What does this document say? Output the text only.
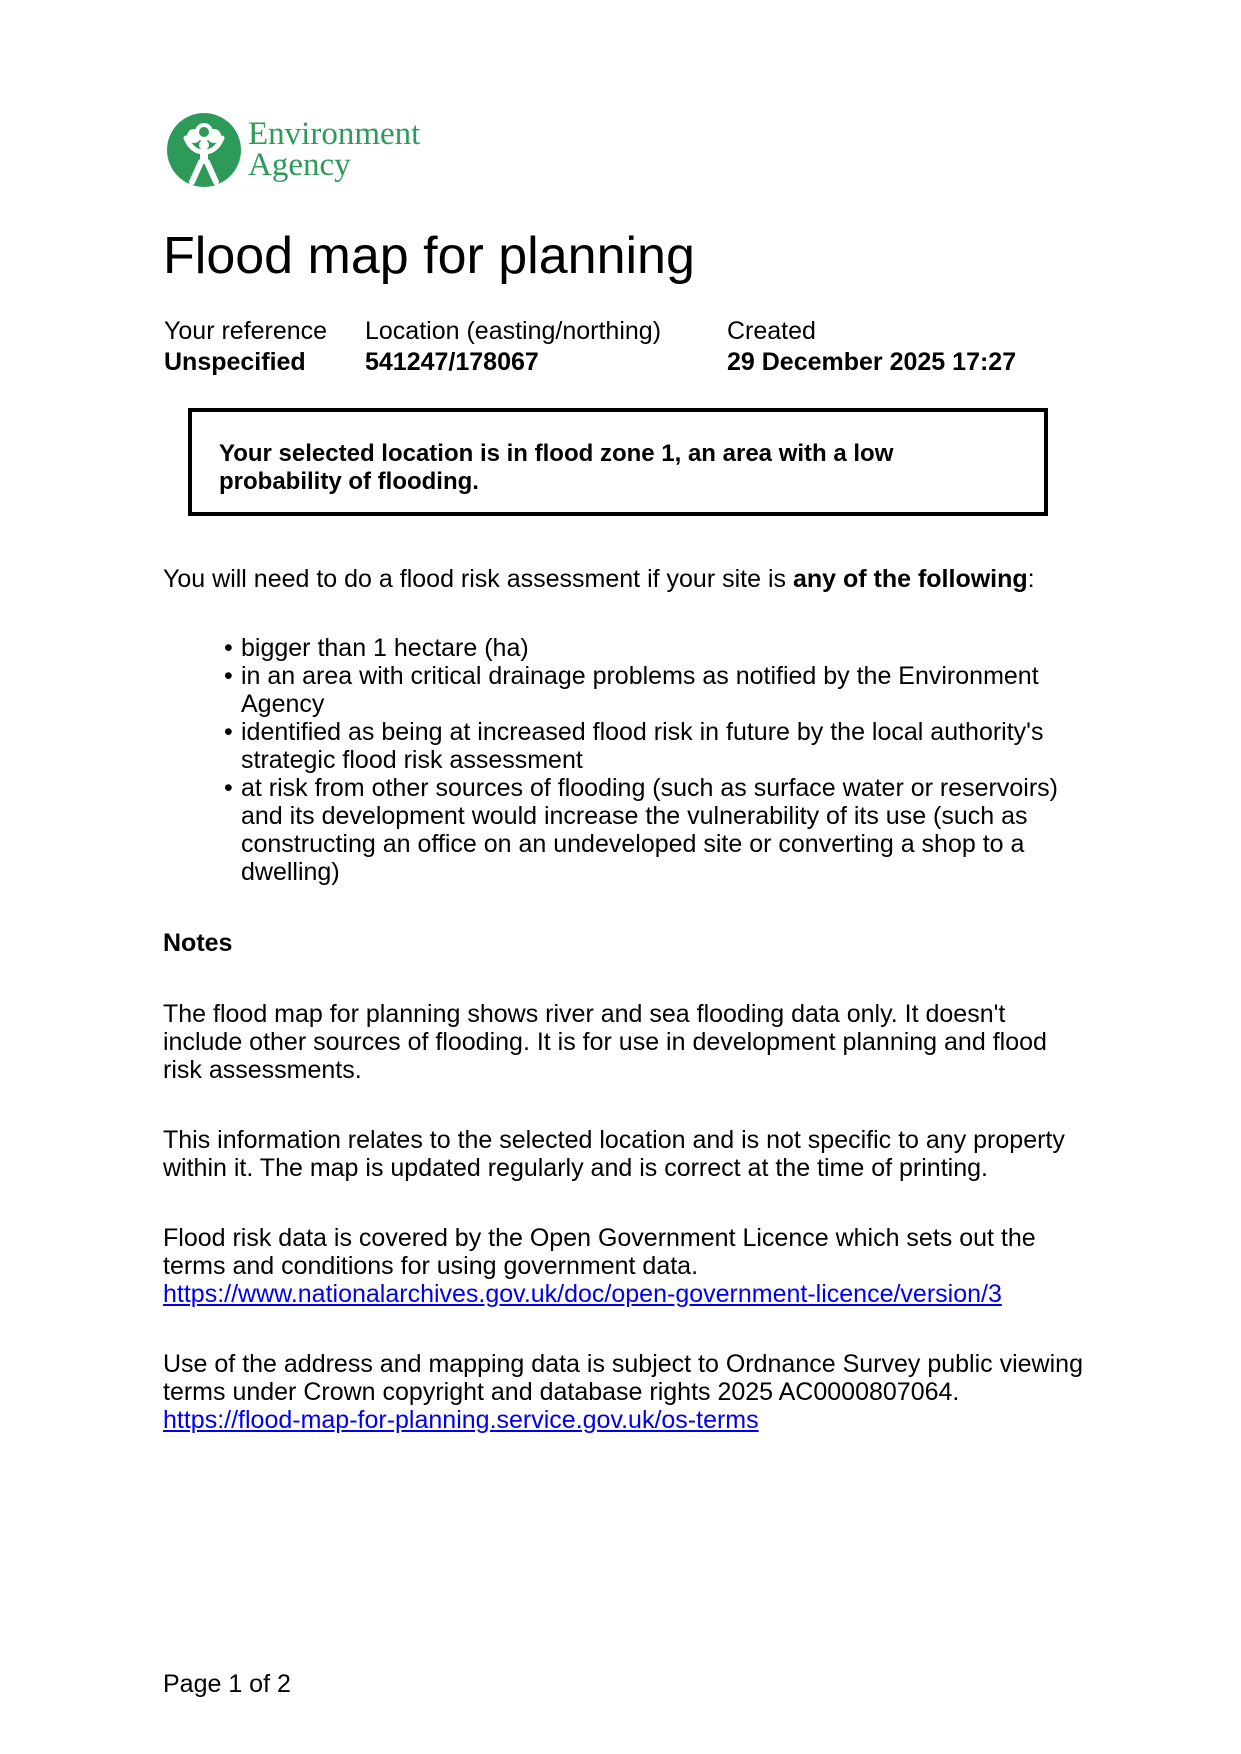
Environment
Agency
Flood map for planning
Your reference
Unspecified
Location (easting/northing)
541247/178067
Created
29 December 2025 17:27

Your selected location is in flood zone 1, an area with a low probability of flooding.

You will need to do a flood risk assessment if your site is any of the following:

• bigger than 1 hectare (ha)
• in an area with critical drainage problems as notified by the Environment Agency
• identified as being at increased flood risk in future by the local authority's strategic flood risk assessment
• at risk from other sources of flooding (such as surface water or reservoirs) and its development would increase the vulnerability of its use (such as constructing an office on an undeveloped site or converting a shop to a dwelling)
Notes

The flood map for planning shows river and sea flooding data only. It doesn't include other sources of flooding. It is for use in development planning and flood risk assessments.

This information relates to the selected location and is not specific to any property within it. The map is updated regularly and is correct at the time of printing.

Flood risk data is covered by the Open Government Licence which sets out the terms and conditions for using government data. https://www.nationalarchives.gov.uk/doc/open-government-licence/version/3

Use of the address and mapping data is subject to Ordnance Survey public viewing terms under Crown copyright and database rights 2025 AC0000807064.
https://flood-map-for-planning.service.gov.uk/os-terms

Page 1 of 2
